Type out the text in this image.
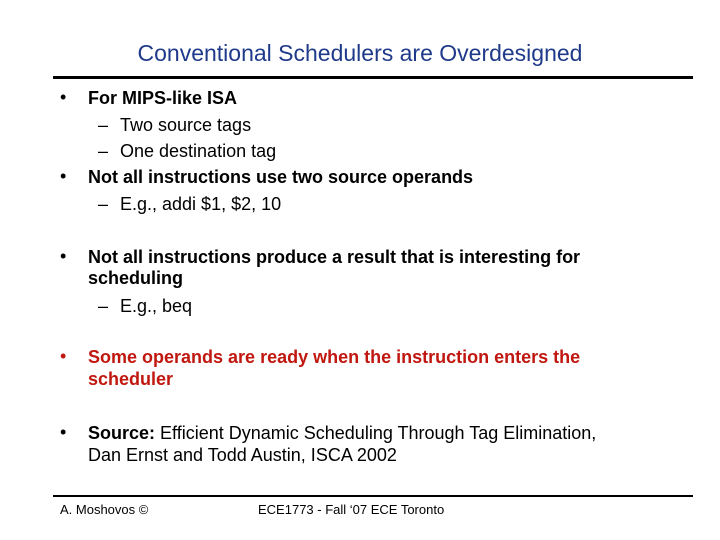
Conventional Schedulers are Overdesigned
• For MIPS-like ISA
– Two source tags
– One destination tag
• Not all instructions use two source operands
– E.g., addi $1, $2, 10
• Not all instructions produce a result that is interesting for
scheduling
– E.g., beq
• Some operands are ready when the instruction enters the
scheduler
• Source: Efficient Dynamic Scheduling Through Tag Elimination,
Dan Ernst and Todd Austin, ISCA 2002
A. Moshovos ©	ECE1773 - Fall ‘07 ECE Toronto
